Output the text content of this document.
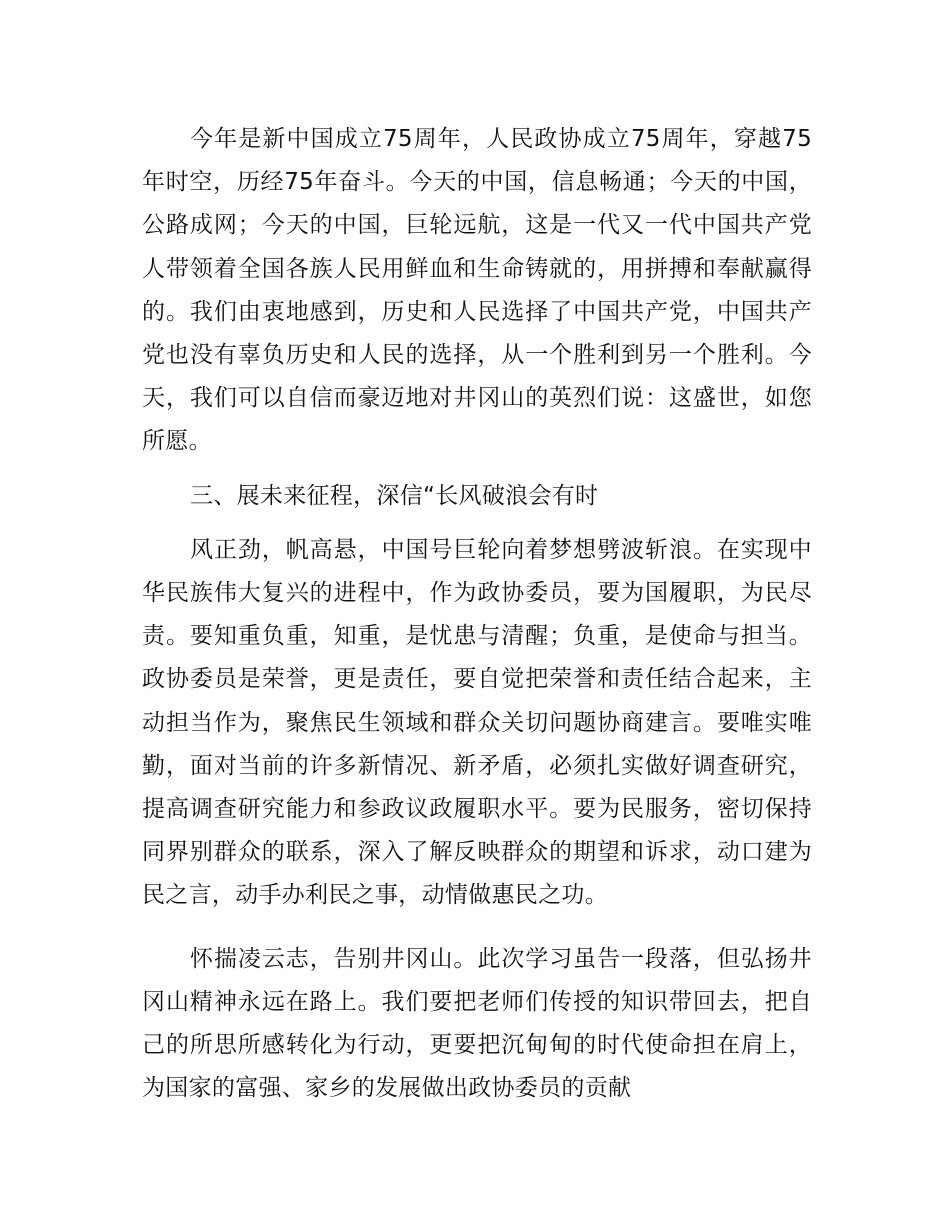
今年是新中国成立75周年，人民政协成立75周年，穿越75年时空，历经75年奋斗。今天的中国，信息畅通；今天的中国，公路成网；今天的中国，巨轮远航，这是一代又一代中国共产党人带领着全国各族人民用鲜血和生命铸就的，用拼搏和奉献赢得的。我们由衷地感到，历史和人民选择了中国共产党，中国共产党也没有辜负历史和人民的选择，从一个胜利到另一个胜利。今天，我们可以自信而豪迈地对井冈山的英烈们说：这盛世，如您所愿。

三、展未来征程，深信“长风破浪会有时

风正劲，帆高悬，中国号巨轮向着梦想劈波斩浪。在实现中华民族伟大复兴的进程中，作为政协委员，要为国履职，为民尽责。要知重负重，知重，是忧患与清醒；负重，是使命与担当。政协委员是荣誉，更是责任，要自觉把荣誉和责任结合起来，主动担当作为，聚焦民生领域和群众关切问题协商建言。要唯实唯勤，面对当前的许多新情况、新矛盾，必须扎实做好调查研究，提高调查研究能力和参政议政履职水平。要为民服务，密切保持同界别群众的联系，深入了解反映群众的期望和诉求，动口建为民之言，动手办利民之事，动情做惠民之功。

怀揣凌云志，告别井冈山。此次学习虽告一段落，但弘扬井冈山精神永远在路上。我们要把老师们传授的知识带回去，把自己的所思所感转化为行动，更要把沉甸甸的时代使命担在肩上，为国家的富强、家乡的发展做出政协委员的贡献
